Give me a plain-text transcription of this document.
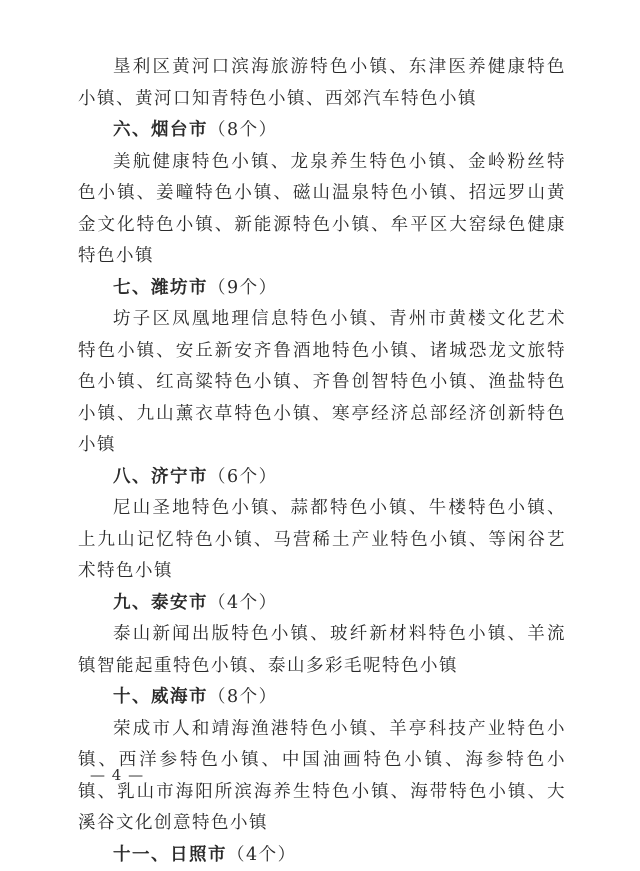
垦利区黄河口滨海旅游特色小镇、东津医养健康特色小镇、黄河口知青特色小镇、西郊汽车特色小镇

六、烟台市（8个）

美航健康特色小镇、龙泉养生特色小镇、金岭粉丝特色小镇、姜疃特色小镇、磁山温泉特色小镇、招远罗山黄金文化特色小镇、新能源特色小镇、牟平区大窑绿色健康特色小镇

七、潍坊市（9个）

坊子区凤凰地理信息特色小镇、青州市黄楼文化艺术特色小镇、安丘新安齐鲁酒地特色小镇、诸城恐龙文旅特色小镇、红高粱特色小镇、齐鲁创智特色小镇、渔盐特色小镇、九山薰衣草特色小镇、寒亭经济总部经济创新特色小镇

八、济宁市（6个）

尼山圣地特色小镇、蒜都特色小镇、牛楼特色小镇、上九山记忆特色小镇、马营稀土产业特色小镇、等闲谷艺术特色小镇

九、泰安市（4个）

泰山新闻出版特色小镇、玻纤新材料特色小镇、羊流镇智能起重特色小镇、泰山多彩毛呢特色小镇

十、威海市（8个）

荣成市人和靖海渔港特色小镇、羊亭科技产业特色小镇、西洋参特色小镇、中国油画特色小镇、海参特色小镇、乳山市海阳所滨海养生特色小镇、海带特色小镇、大溪谷文化创意特色小镇

十一、日照市（4个）

— 4 —
